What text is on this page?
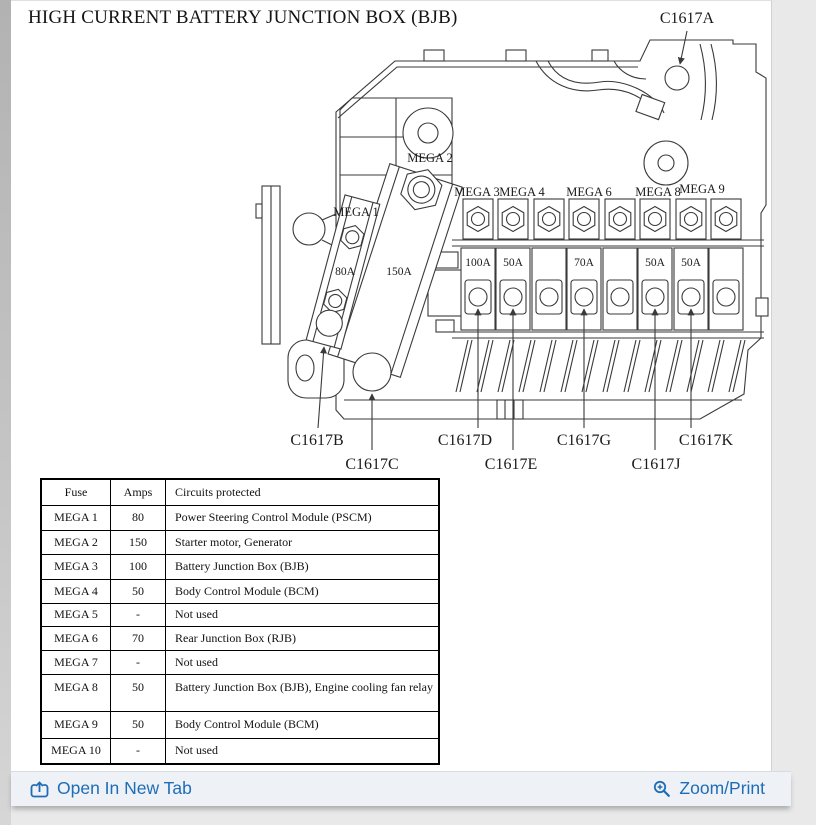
HIGH CURRENT BATTERY JUNCTION BOX (BJB)	C1617A
C1617B
C1617C
C1617D
C1617E
C1617G
C1617J
C1617K
MEGA 1
80A
MEGA 2
150A
MEGA 3 MEGA 4 MEGA 6 MEGA 8
MEGA 9
100A 50A	70A	50A 50A
Fuse	Amps	Circuits protected
MEGA 1	80	Power Steering Control Module (PSCM)
MEGA 2	150	Starter motor, Generator
MEGA 3	100	Battery Junction Box (BJB)
MEGA 4	50	Body Control Module (BCM)
MEGA 5	-	Not used
MEGA 6	70	Rear Junction Box (RJB)
MEGA 7	-	Not used
MEGA 8	50	Battery Junction Box (BJB), Engine cooling fan relay
MEGA 9	50	Body Control Module (BCM)
MEGA 10	-	Not used
Open In New Tab	Zoom/Print
